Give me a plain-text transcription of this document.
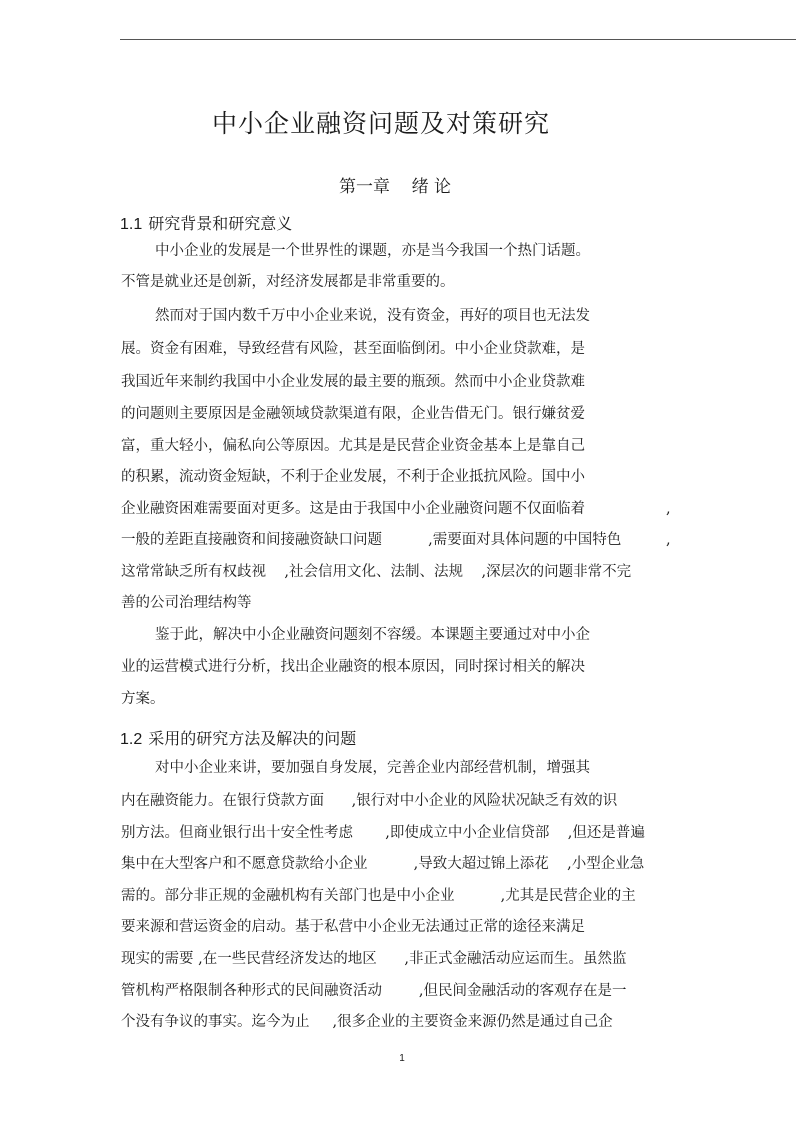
中小企业融资问题及对策研究
第一章    绪 论
1.1 研究背景和研究意义
中小企业的发展是一个世界性的课题，亦是当今我国一个热门话题。
不管是就业还是创新，对经济发展都是非常重要的。
然而对于国内数千万中小企业来说，没有资金，再好的项目也无法发
展。资金有困难，导致经营有风险，甚至面临倒闭。中小企业贷款难，是
我国近年来制约我国中小企业发展的最主要的瓶颈。然而中小企业贷款难
的问题则主要原因是金融领域贷款渠道有限，企业告借无门。银行嫌贫爱
富，重大轻小，偏私向公等原因。尤其是是民营企业资金基本上是靠自己
的积累，流动资金短缺，不利于企业发展，不利于企业抵抗风险。国中小
企业融资困难需要面对更多。这是由于我国中小企业融资问题不仅面临着	,
一般的差距直接融资和间接融资缺口问题          ,需要面对具体问题的中国特色	,
这常常缺乏所有权歧视    ,社会信用文化、法制、法规    ,深层次的问题非常不完
善的公司治理结构等
鉴于此，解决中小企业融资问题刻不容缓。本课题主要通过对中小企
业的运营模式进行分析，找出企业融资的根本原因，同时探讨相关的解决
方案。
1.2 采用的研究方法及解决的问题
对中小企业来讲，要加强自身发展，完善企业内部经营机制，增强其
内在融资能力。在银行贷款方面      ,银行对中小企业的风险状况缺乏有效的识
别方法。但商业银行出十安全性考虑       ,即使成立中小企业信贷部    ,但还是普遍
集中在大型客户和不愿意贷款给小企业          ,导致大超过锦上添花    ,小型企业急
需的。部分非正规的金融机构有关部门也是中小企业          ,尤其是民营企业的主
要来源和营运资金的启动。基于私营中小企业无法通过正常的途径来满足
现实的需要 ,在一些民营经济发达的地区      ,非正式金融活动应运而生。虽然监
管机构严格限制各种形式的民间融资活动        ,但民间金融活动的客观存在是一
个没有争议的事实。迄今为止     ,很多企业的主要资金来源仍然是通过自己企
1
